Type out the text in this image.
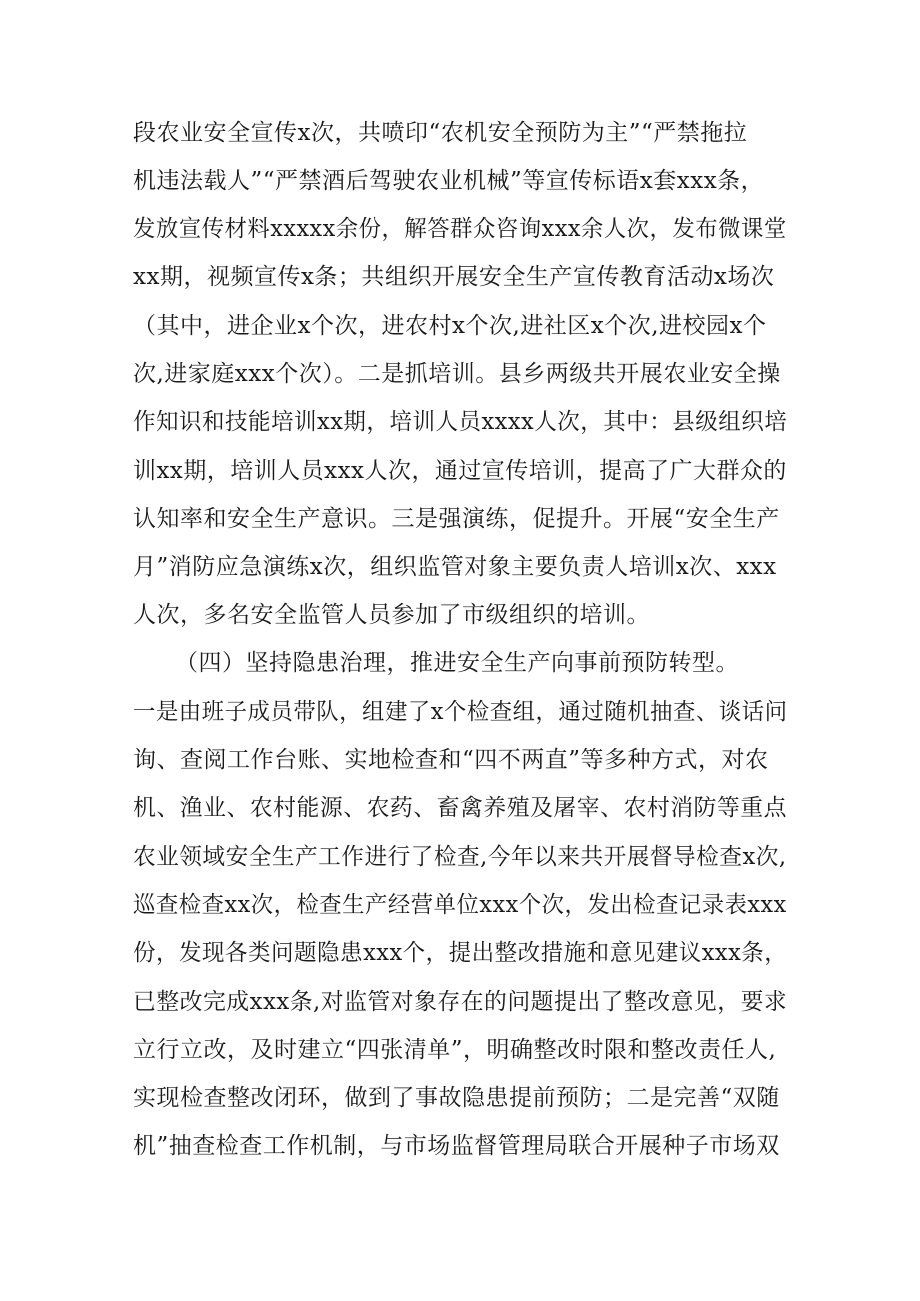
段农业安全宣传x次，共喷印“农机安全预防为主”“严禁拖拉
机违法载人”“严禁酒后驾驶农业机械”等宣传标语x套xxx条，
发放宣传材料xxxxx余份，解答群众咨询xxx余人次，发布微课堂
xx期，视频宣传x条；共组织开展安全生产宣传教育活动x场次
（其中，进企业x个次，进农村x个次,进社区x个次,进校园x个
次,进家庭xxx个次）。二是抓培训。县乡两级共开展农业安全操
作知识和技能培训xx期，培训人员xxxx人次，其中：县级组织培
训xx期，培训人员xxx人次，通过宣传培训，提高了广大群众的
认知率和安全生产意识。三是强演练，促提升。开展“安全生产
月”消防应急演练x次，组织监管对象主要负责人培训x次、xxx
人次，多名安全监管人员参加了市级组织的培训。
（四）坚持隐患治理，推进安全生产向事前预防转型。
一是由班子成员带队，组建了x个检查组，通过随机抽查、谈话问
询、查阅工作台账、实地检查和“四不两直”等多种方式，对农
机、渔业、农村能源、农药、畜禽养殖及屠宰、农村消防等重点
农业领域安全生产工作进行了检查,今年以来共开展督导检查x次,
巡查检查xx次，检查生产经营单位xxx个次，发出检查记录表xxx
份，发现各类问题隐患xxx个，提出整改措施和意见建议xxx条，
已整改完成xxx条,对监管对象存在的问题提出了整改意见，要求
立行立改，及时建立“四张清单”，明确整改时限和整改责任人,
实现检查整改闭环，做到了事故隐患提前预防；二是完善“双随
机”抽查检查工作机制，与市场监督管理局联合开展种子市场双
